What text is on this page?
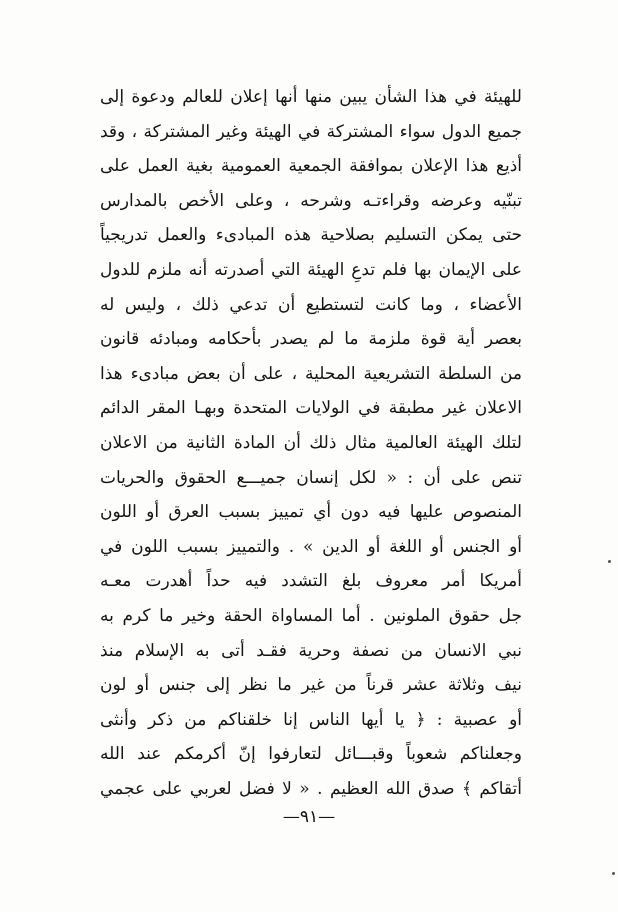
للهيئة في هذا الشأن يبين منها أنها إعلان للعالم ودعوة إلى
جميع الدول سواء المشتركة في الهيئة وغير المشتركة ، وقد
أذيع هذا الإعلان بموافقة الجمعية العمومية بغية العمل على
تبنّيه وعرضه وقراءتـه وشرحه ، وعلى الأخص بالمدارس
حتى يمكن التسليم بصلاحية هذه المبادىء والعمل تدريجياً
على الإيمان بها فلم تدعِ الهيئة التي أصدرته أنه ملزم للدول
الأعضاء ، وما كانت لتستطيع أن تدعي ذلك ، وليس له
بعصر أية قوة ملزمة ما لم يصدر بأحكامه ومبادئه قانون
من السلطة التشريعية المحلية ، على أن بعض مبادىء هذا
الاعلان غير مطبقة في الولايات المتحدة وبهـا المقر الدائم
لتلك الهيئة العالمية مثال ذلك أن المادة الثانية من الاعلان
تنص على أن : « لكل إنسان جميـــع الحقوق والحريات
المنصوص عليها فيه دون أي تمييز بسبب العرق أو اللون
أو الجنس أو اللغة أو الدين » . والتمييز بسبب اللون في
أمريكا أمر معروف بلغ التشدد فيه حداً أهدرت معـه
جل حقوق الملونين . أما المساواة الحقة وخير ما كرم به
نبي الانسان من نصفة وحرية فقـد أتى به الإسلام منذ
نيف وثلاثة عشر قرناً من غير ما نظر إلى جنس أو لون
أو عصبية : ﴿ يا أيها الناس إنا خلقناكم من ذكر وأنثى
وجعلناكم شعوباً وقبـــائل لتعارفوا إنّ أكرمكم عند الله
أتقاكم ﴾ صدق الله العظيم . « لا فضل لعربي على عجمي
—٩١—
